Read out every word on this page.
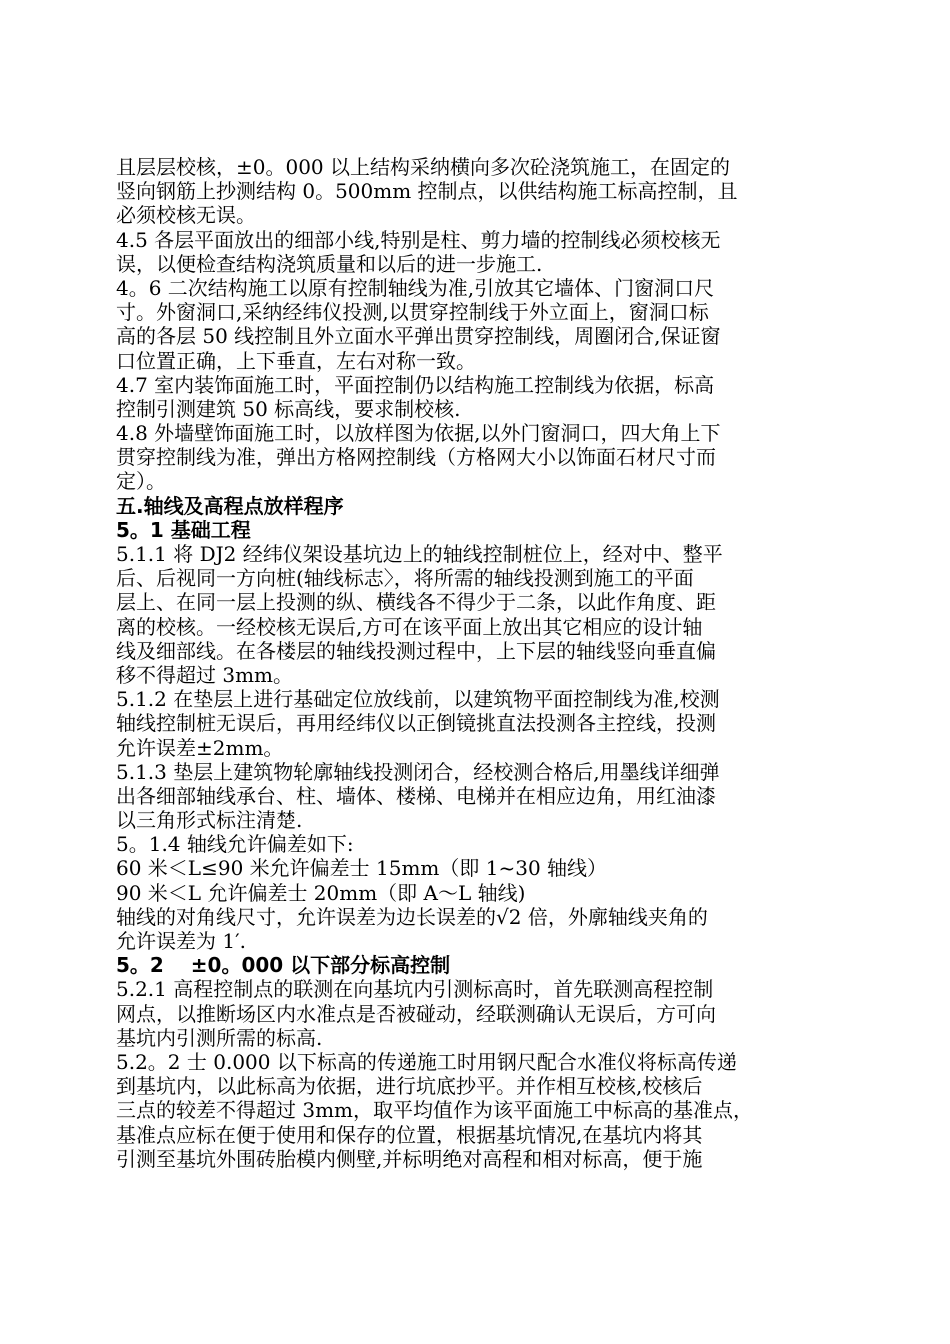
且层层校核，±0。000 以上结构采纳横向多次砼浇筑施工，在固定的
竖向钢筋上抄测结构 0。500mm 控制点，以供结构施工标高控制，且
必须校核无误。
4.5 各层平面放出的细部小线,特别是柱、剪力墙的控制线必须校核无
误，以便检查结构浇筑质量和以后的进一步施工.
4。6 二次结构施工以原有控制轴线为准,引放其它墙体、门窗洞口尺
寸。外窗洞口,采纳经纬仪投测,以贯穿控制线于外立面上，窗洞口标
高的各层 50 线控制且外立面水平弹出贯穿控制线，周圈闭合,保证窗
口位置正确，上下垂直，左右对称一致。
4.7 室内装饰面施工时，平面控制仍以结构施工控制线为依据，标高
控制引测建筑 50 标高线，要求制校核.
4.8 外墙壁饰面施工时，以放样图为依据,以外门窗洞口，四大角上下
贯穿控制线为准，弹出方格网控制线（方格网大小以饰面石材尺寸而
定）。
五.轴线及高程点放样程序
5。1 基础工程
5.1.1 将 DJ2 经纬仪架设基坑边上的轴线控制桩位上，经对中、整平
后、后视同一方向桩(轴线标志〉，将所需的轴线投测到施工的平面
层上、在同一层上投测的纵、横线各不得少于二条，以此作角度、距
离的校核。一经校核无误后,方可在该平面上放出其它相应的设计轴
线及细部线。在各楼层的轴线投测过程中，上下层的轴线竖向垂直偏
移不得超过 3mm。
5.1.2 在垫层上进行基础定位放线前，以建筑物平面控制线为准,校测
轴线控制桩无误后，再用经纬仪以正倒镜挑直法投测各主控线，投测
允许误差±2mm。
5.1.3 垫层上建筑物轮廓轴线投测闭合，经校测合格后,用墨线详细弹
出各细部轴线承台、柱、墙体、楼梯、电梯并在相应边角，用红油漆
以三角形式标注清楚.
5。1.4 轴线允许偏差如下:
60 米＜L≤90 米允许偏差士 15mm（即 1~30 轴线）
90 米＜L 允许偏差士 20mm（即 A～L 轴线)
轴线的对角线尺寸，允许误差为边长误差的√2 倍，外廓轴线夹角的
允许误差为 1′.
5。2　 ±0。000 以下部分标高控制
5.2.1 高程控制点的联测在向基坑内引测标高时，首先联测高程控制
网点，以推断场区内水准点是否被碰动，经联测确认无误后，方可向
基坑内引测所需的标高.
5.2。2 士 0.000 以下标高的传递施工时用钢尺配合水准仪将标高传递
到基坑内，以此标高为依据，进行坑底抄平。并作相互校核,校核后
三点的较差不得超过 3mm，取平均值作为该平面施工中标高的基准点，
基准点应标在便于使用和保存的位置，根据基坑情况,在基坑内将其
引测至基坑外围砖胎模内侧壁,并标明绝对高程和相对标高，便于施
